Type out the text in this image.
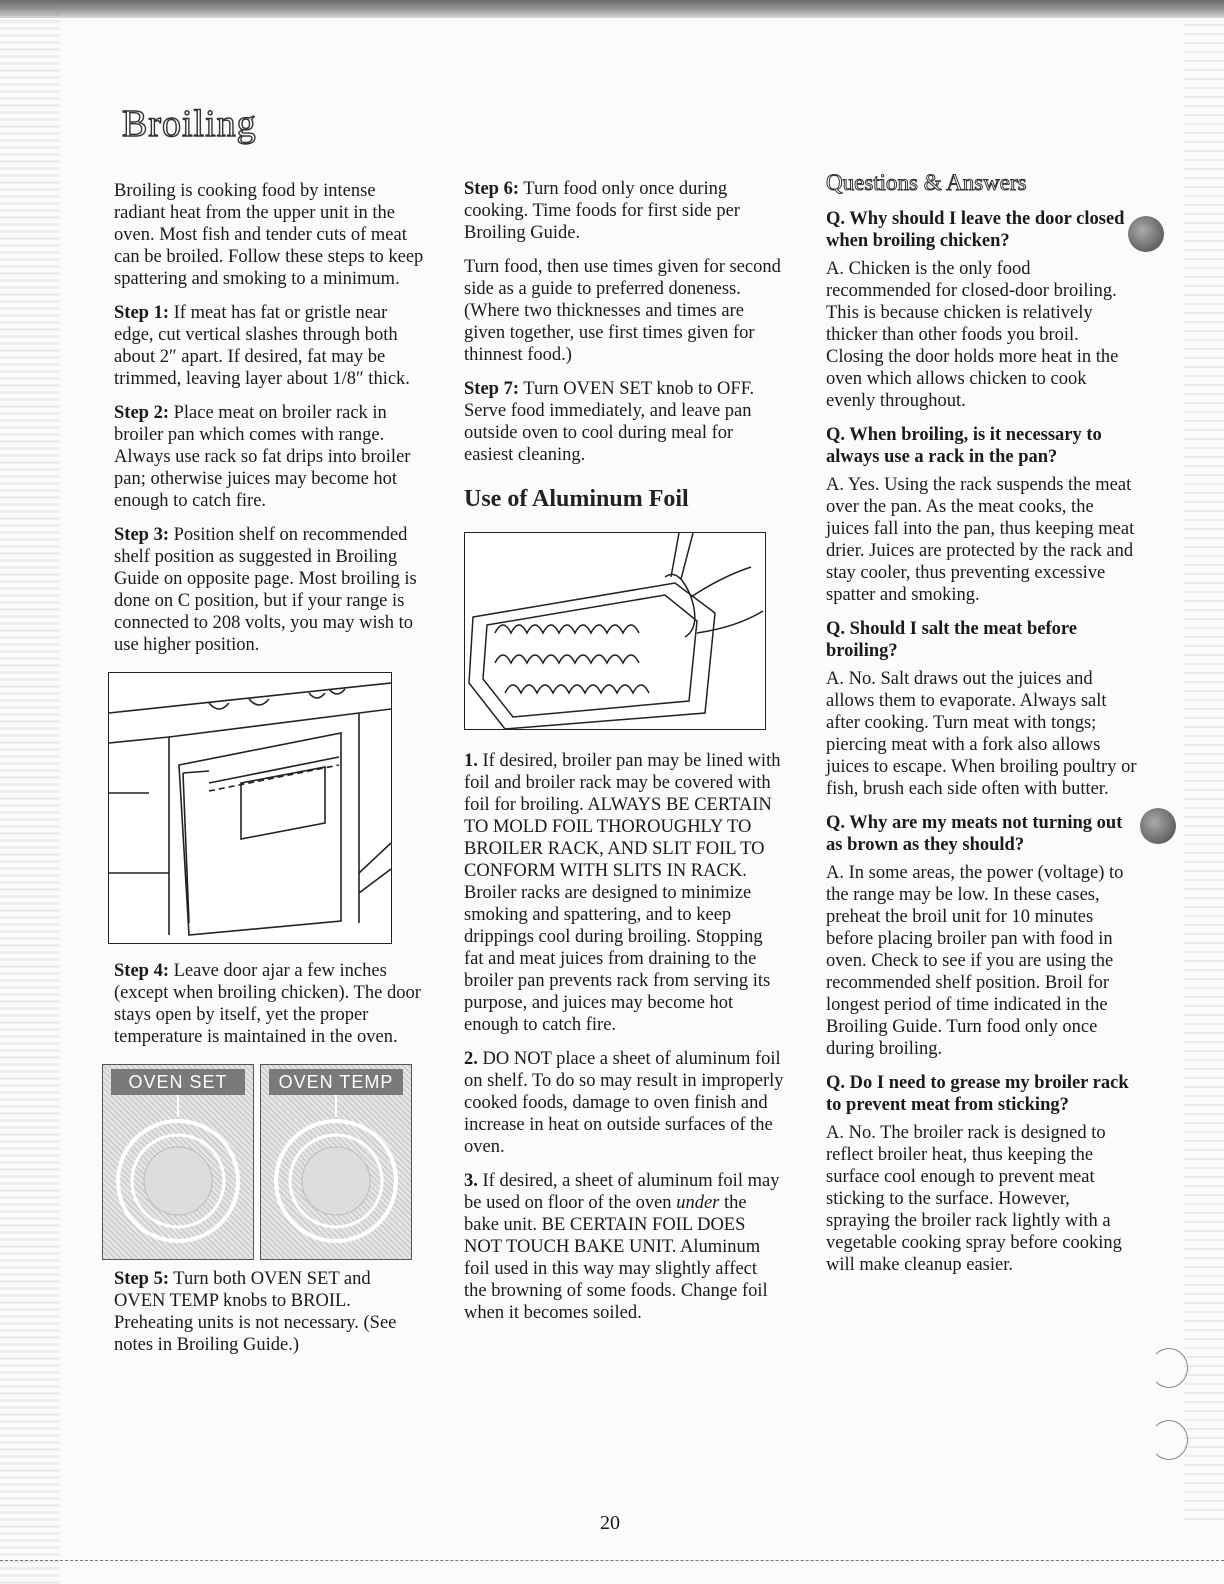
Broiling

Broiling is cooking food by intense radiant heat from the upper unit in the oven. Most fish and tender cuts of meat can be broiled. Follow these steps to keep spattering and smoking to a minimum.

Step 1: If meat has fat or gristle near edge, cut vertical slashes through both about 2″ apart. If desired, fat may be trimmed, leaving layer about 1/8″ thick.

Step 2: Place meat on broiler rack in broiler pan which comes with range. Always use rack so fat drips into broiler pan; otherwise juices may become hot enough to catch fire.

Step 3: Position shelf on recommended shelf position as suggested in Broiling Guide on opposite page. Most broiling is done on C position, but if your range is connected to 208 volts, you may wish to use higher position.

Step 4: Leave door ajar a few inches (except when broiling chicken). The door stays open by itself, yet the proper temperature is maintained in the oven.

OVEN SET	OVEN TEMP

Step 5: Turn both OVEN SET and OVEN TEMP knobs to BROIL. Preheating units is not necessary. (See notes in Broiling Guide.)

Step 6: Turn food only once during cooking. Time foods for first side per Broiling Guide.

Turn food, then use times given for second side as a guide to preferred doneness. (Where two thicknesses and times are given together, use first times given for thinnest food.)

Step 7: Turn OVEN SET knob to OFF. Serve food immediately, and leave pan outside oven to cool during meal for easiest cleaning.

Use of Aluminum Foil

1. If desired, broiler pan may be lined with foil and broiler rack may be covered with foil for broiling. ALWAYS BE CERTAIN TO MOLD FOIL THOROUGHLY TO BROILER RACK, AND SLIT FOIL TO CONFORM WITH SLITS IN RACK. Broiler racks are designed to minimize smoking and spattering, and to keep drippings cool during broiling. Stopping fat and meat juices from draining to the broiler pan prevents rack from serving its purpose, and juices may become hot enough to catch fire.

2. DO NOT place a sheet of aluminum foil on shelf. To do so may result in improperly cooked foods, damage to oven finish and increase in heat on outside surfaces of the oven.

3. If desired, a sheet of aluminum foil may be used on floor of the oven under the bake unit. BE CERTAIN FOIL DOES NOT TOUCH BAKE UNIT. Aluminum foil used in this way may slightly affect the browning of some foods. Change foil when it becomes soiled.

Questions & Answers

Q. Why should I leave the door closed when broiling chicken?

A. Chicken is the only food recommended for closed-door broiling. This is because chicken is relatively thicker than other foods you broil. Closing the door holds more heat in the oven which allows chicken to cook evenly throughout.

Q. When broiling, is it necessary to always use a rack in the pan?

A. Yes. Using the rack suspends the meat over the pan. As the meat cooks, the juices fall into the pan, thus keeping meat drier. Juices are protected by the rack and stay cooler, thus preventing excessive spatter and smoking.

Q. Should I salt the meat before broiling?

A. No. Salt draws out the juices and allows them to evaporate. Always salt after cooking. Turn meat with tongs; piercing meat with a fork also allows juices to escape. When broiling poultry or fish, brush each side often with butter.

Q. Why are my meats not turning out as brown as they should?

A. In some areas, the power (voltage) to the range may be low. In these cases, preheat the broil unit for 10 minutes before placing broiler pan with food in oven. Check to see if you are using the recommended shelf position. Broil for longest period of time indicated in the Broiling Guide. Turn food only once during broiling.

Q. Do I need to grease my broiler rack to prevent meat from sticking?

A. No. The broiler rack is designed to reflect broiler heat, thus keeping the surface cool enough to prevent meat sticking to the surface. However, spraying the broiler rack lightly with a vegetable cooking spray before cooking will make cleanup easier.

20
